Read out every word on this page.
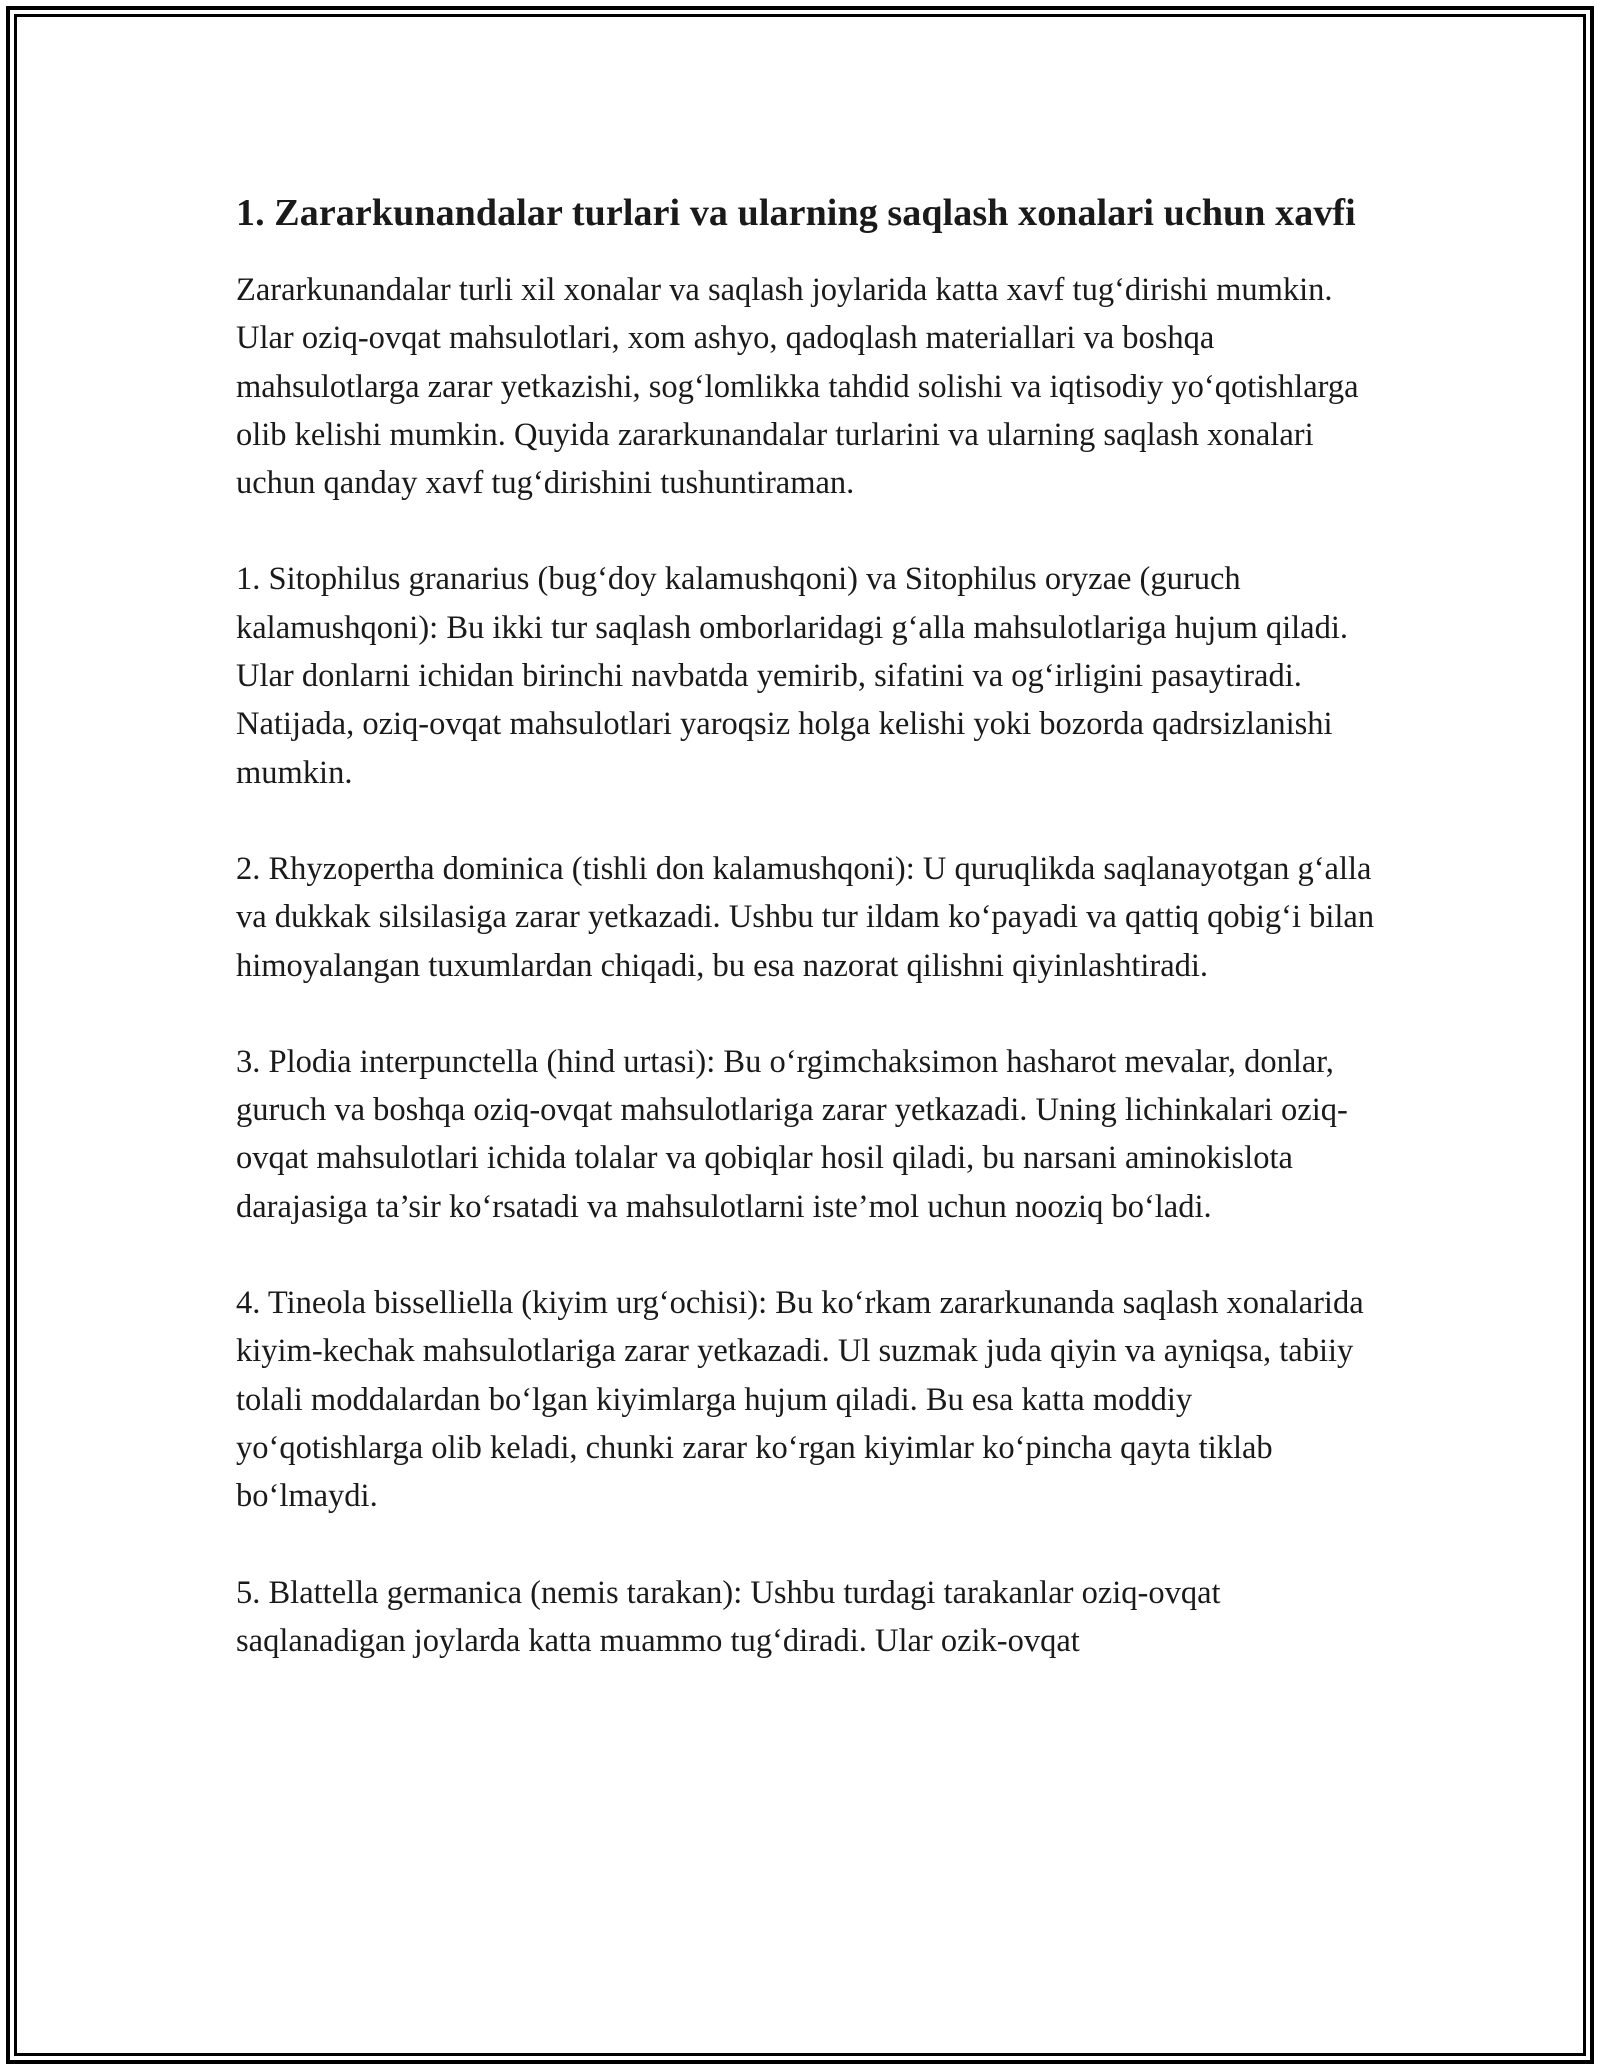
1. Zararkunandalar turlari va ularning saqlash xonalari uchun xavfi

Zararkunandalar turli xil xonalar va saqlash joylarida katta xavf tug‘dirishi mumkin. Ular oziq-ovqat mahsulotlari, xom ashyo, qadoqlash materiallari va boshqa mahsulotlarga zarar yetkazishi, sog‘lomlikka tahdid solishi va iqtisodiy yo‘qotishlarga olib kelishi mumkin. Quyida zararkunandalar turlarini va ularning saqlash xonalari uchun qanday xavf tug‘dirishini tushuntiraman.

1. Sitophilus granarius (bug‘doy kalamushqoni) va Sitophilus oryzae (guruch kalamushqoni): Bu ikki tur saqlash omborlaridagi g‘alla mahsulotlariga hujum qiladi. Ular donlarni ichidan birinchi navbatda yemirib, sifatini va og‘irligini pasaytiradi. Natijada, oziq-ovqat mahsulotlari yaroqsiz holga kelishi yoki bozorda qadrsizlanishi mumkin.

2. Rhyzopertha dominica (tishli don kalamushqoni): U quruqlikda saqlanayotgan g‘alla va dukkak silsilasiga zarar yetkazadi. Ushbu tur ildam ko‘payadi va qattiq qobig‘i bilan himoyalangan tuxumlardan chiqadi, bu esa nazorat qilishni qiyinlashtiradi.

3. Plodia interpunctella (hind urtasi): Bu o‘rgimchaksimon hasharot mevalar, donlar, guruch va boshqa oziq-ovqat mahsulotlariga zarar yetkazadi. Uning lichinkalari oziq-ovqat mahsulotlari ichida tolalar va qobiqlar hosil qiladi, bu narsani aminokislota darajasiga ta’sir ko‘rsatadi va mahsulotlarni iste’mol uchun nooziq bo‘ladi.

4. Tineola bisselliella (kiyim urg‘ochisi): Bu ko‘rkam zararkunanda saqlash xonalarida kiyim-kechak mahsulotlariga zarar yetkazadi. Ul suzmak juda qiyin va ayniqsa, tabiiy tolali moddalardan bo‘lgan kiyimlarga hujum qiladi. Bu esa katta moddiy yo‘qotishlarga olib keladi, chunki zarar ko‘rgan kiyimlar ko‘pincha qayta tiklab bo‘lmaydi.

5. Blattella germanica (nemis tarakan): Ushbu turdagi tarakanlar oziq-ovqat saqlanadigan joylarda katta muammo tug‘diradi. Ular ozik-ovqat
